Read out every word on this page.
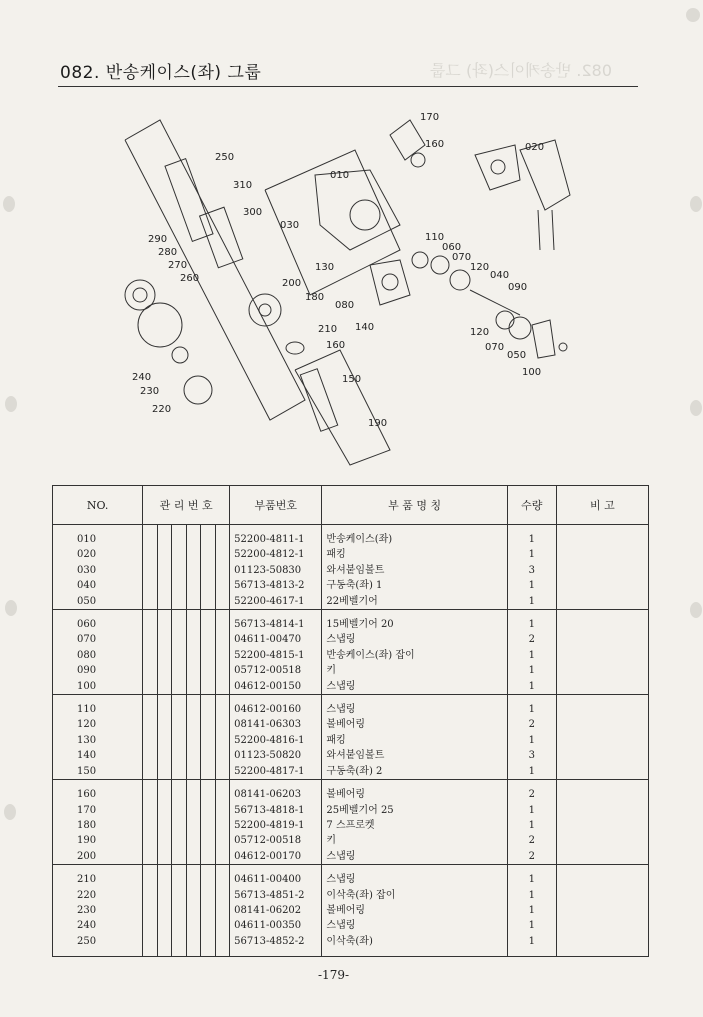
082. 반송케이스(좌) 그룹	082. 반송케이스(좌) 그룹
170
160	020
010
030
110
060
070
120
040
090
130
080
140	120
070
050
100
250
310
300
290
280
270
260	200
180
210
160
150
190
240
230
220
NO.	관 리 번 호						부품번호	부 품 명 칭	수량	비 고

010							52200-4811-1	반송케이스(좌)	1	
020							52200-4812-1	패킹	1	
030							01123-50830	와셔붙임볼트	3	
040							56713-4813-2	구동축(좌) 1	1	
050							52200-4617-1	22베벨기어	1	

060							56713-4814-1	15베벨기어 20	1	
070							04611-00470	스냅링	2	
080							52200-4815-1	반송케이스(좌) 잡이	1	
090							05712-00518	키	1	
100							04612-00150	스냅링	1	

110							04612-00160	스냅링	1	
120							08141-06303	볼베어링	2	
130							52200-4816-1	패킹	1	
140							01123-50820	와셔붙임볼트	3	
150							52200-4817-1	구동축(좌) 2	1	

160							08141-06203	볼베어링	2	
170							56713-4818-1	25베벨기어 25	1	
180							52200-4819-1	7 스프로켓	1	
190							05712-00518	키	2	
200							04612-00170	스냅링	2	

210							04611-00400	스냅링	1	
220							56713-4851-2	이삭축(좌) 잡이	1	
230							08141-06202	볼베어링	1	
240							04611-00350	스냅링	1	
250							56713-4852-2	이삭축(좌)	1	

-179-
